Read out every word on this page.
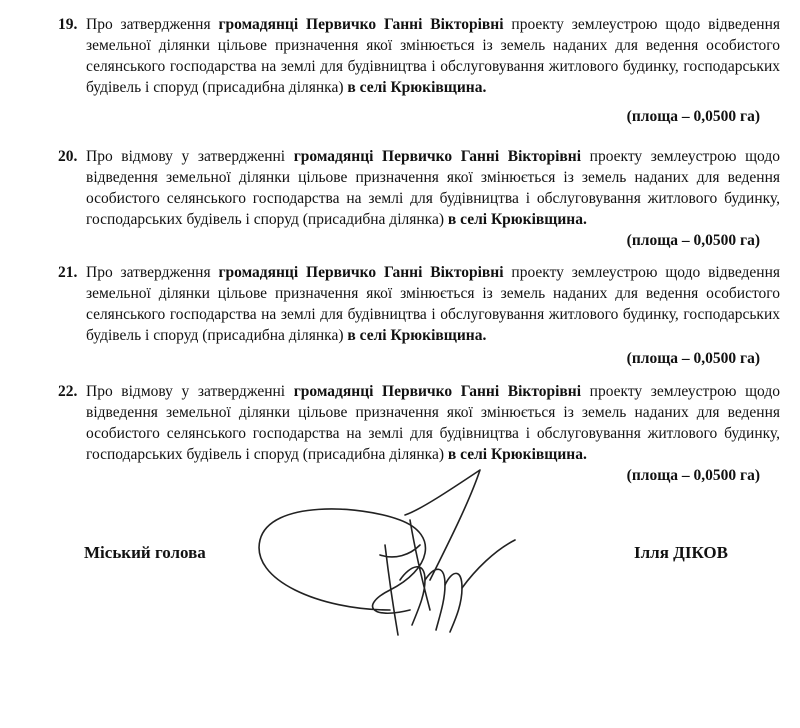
19. Про затвердження громадянці Первичко Ганні Вікторівні проекту землеустрою щодо відведення земельної ділянки цільове призначення якої змінюється із земель наданих для ведення особистого селянського господарства на землі для будівництва і обслуговування житлового будинку, господарських будівель і споруд (присадибна ділянка) в селі Крюківщина.
(площа – 0,0500 га)
20. Про відмову у затвердженні громадянці Первичко Ганні Вікторівні проекту землеустрою щодо відведення земельної ділянки цільове призначення якої змінюється із земель наданих для ведення особистого селянського господарства на землі для будівництва і обслуговування житлового будинку, господарських будівель і споруд (присадибна ділянка) в селі Крюківщина.
(площа – 0,0500 га)
21. Про затвердження громадянці Первичко Ганні Вікторівні проекту землеустрою щодо відведення земельної ділянки цільове призначення якої змінюється із земель наданих для ведення особистого селянського господарства на землі для будівництва і обслуговування житлового будинку, господарських будівель і споруд (присадибна ділянка) в селі Крюківщина.
(площа – 0,0500 га)
22. Про відмову у затвердженні громадянці Первичко Ганні Вікторівні проекту землеустрою щодо відведення земельної ділянки цільове призначення якої змінюється із земель наданих для ведення особистого селянського господарства на землі для будівництва і обслуговування житлового будинку, господарських будівель і споруд (присадибна ділянка) в селі Крюківщина.
(площа – 0,0500 га)
Міський голова	Ілля ДІКОВ
